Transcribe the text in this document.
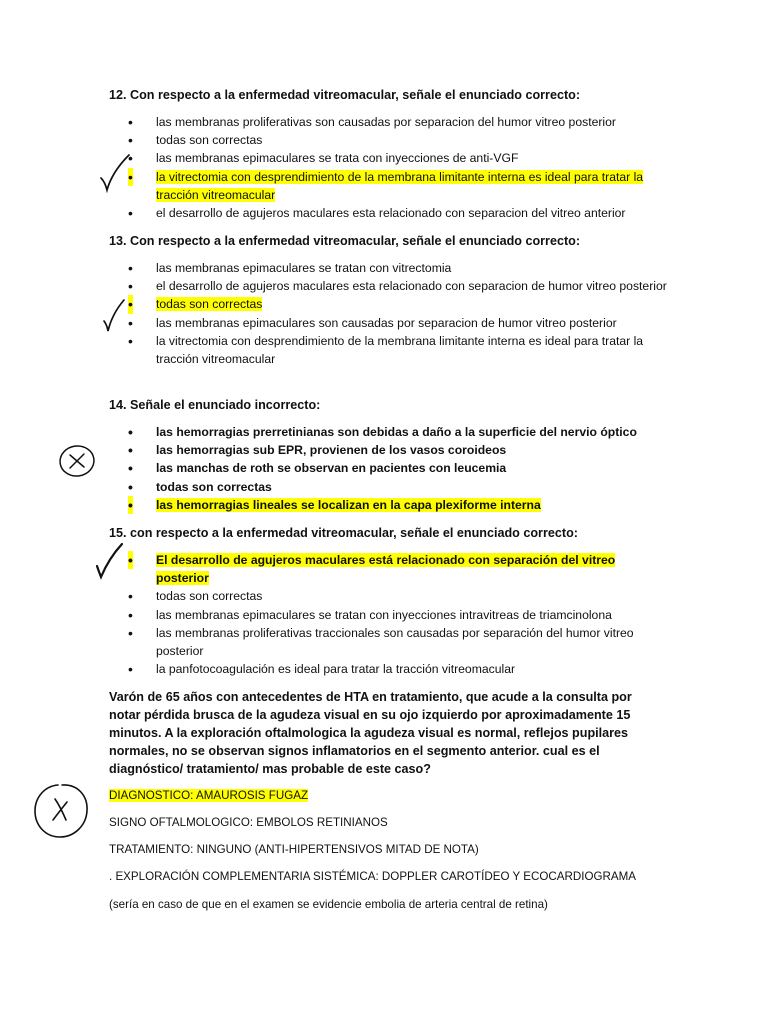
12. Con respecto a la enfermedad vitreomacular, señale el enunciado correcto:
• las membranas proliferativas son causadas por separacion del humor vitreo posterior
• todas son correctas
• las membranas epimaculares se trata con inyecciones de anti-VGF
• la vitrectomia con desprendimiento de la membrana limitante interna es ideal para tratar la tracción vitreomacular
• el desarrollo de agujeros maculares esta relacionado con separacion del vitreo anterior
13. Con respecto a la enfermedad vitreomacular, señale el enunciado correcto:
• las membranas epimaculares se tratan con vitrectomia
• el desarrollo de agujeros maculares esta relacionado con separacion de humor vitreo posterior
• todas son correctas
• las membranas epimaculares son causadas por separacion de humor vitreo posterior
• la vitrectomia con desprendimiento de la membrana limitante interna es ideal para tratar la tracción vitreomacular
14. Señale el enunciado incorrecto:
• las hemorragias prerretinianas son debidas a daño a la superficie del nervio óptico
• las hemorragias sub EPR, provienen de los vasos coroideos
• las manchas de roth se observan en pacientes con leucemia
• todas son correctas
• las hemorragias lineales se localizan en la capa plexiforme interna
15. con respecto a la enfermedad vitreomacular, señale el enunciado correcto:
• El desarrollo de agujeros maculares está relacionado con separación del vitreo posterior
• todas son correctas
• las membranas epimaculares se tratan con inyecciones intravitreas de triamcinolona
• las membranas proliferativas traccionales son causadas por separación del humor vitreo posterior
• la panfotocoagulación es ideal para tratar la tracción vitreomacular
Varón de 65 años con antecedentes de HTA en tratamiento, que acude a la consulta por notar pérdida brusca de la agudeza visual en su ojo izquierdo por aproximadamente 15 minutos. A la exploración oftalmologica la agudeza visual es normal, reflejos pupilares normales, no se observan signos inflamatorios en el segmento anterior. cual es el diagnóstico/ tratamiento/ mas probable de este caso?
DIAGNOSTICO: AMAUROSIS FUGAZ
SIGNO OFTALMOLOGICO: EMBOLOS RETINIANOS
TRATAMIENTO: NINGUNO (ANTI-HIPERTENSIVOS MITAD DE NOTA)
. EXPLORACIÓN COMPLEMENTARIA SISTÉMICA: DOPPLER CAROTÍDEO Y ECOCARDIOGRAMA
(sería en caso de que en el examen se evidencie embolia de arteria central de retina)
